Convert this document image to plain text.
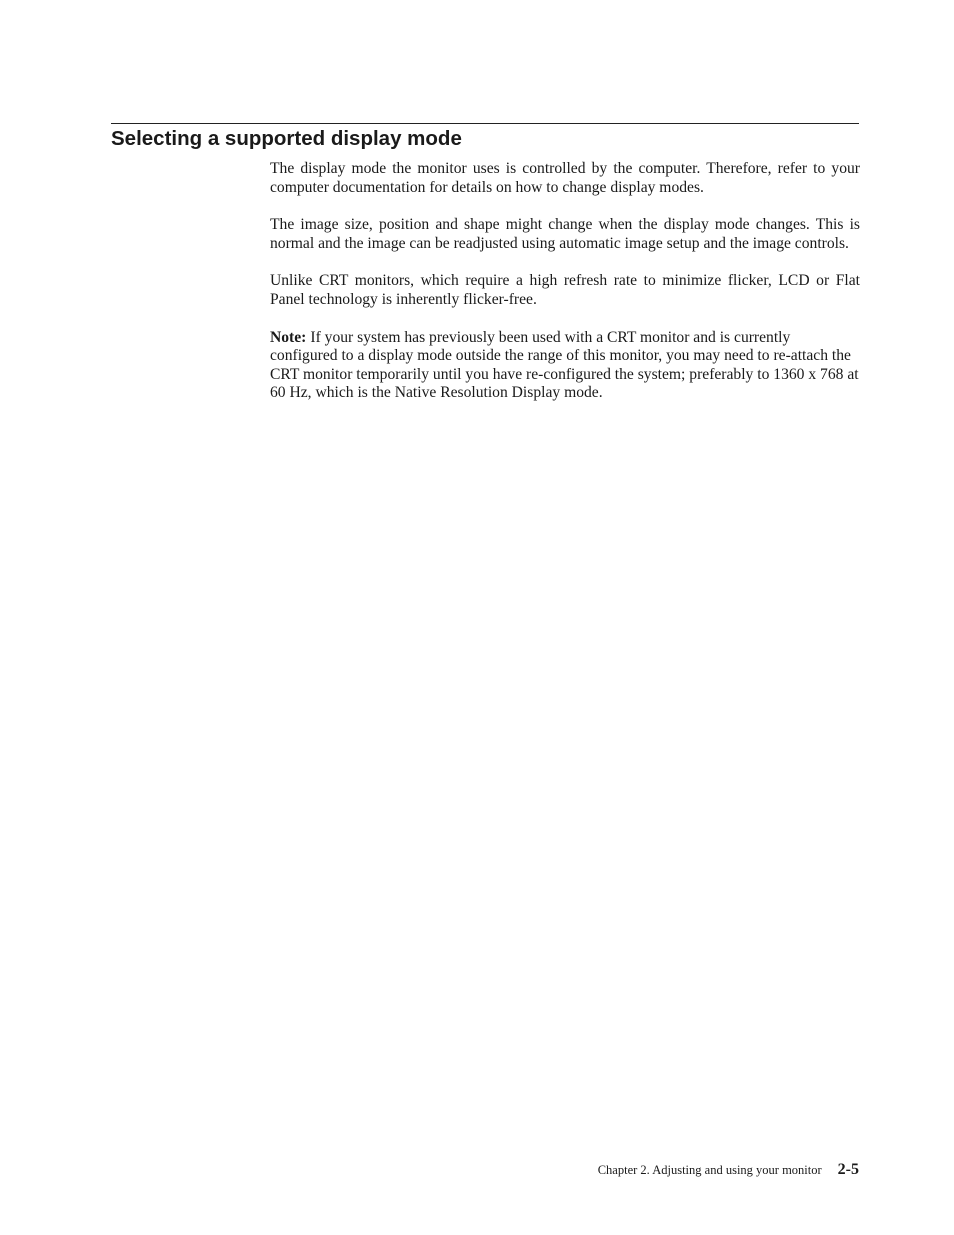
Selecting a supported display mode

The display mode the monitor uses is controlled by the computer. Therefore, refer to your computer documentation for details on how to change display modes.

The image size, position and shape might change when the display mode changes. This is normal and the image can be readjusted using automatic image setup and the image controls.

Unlike CRT monitors, which require a high refresh rate to minimize flicker, LCD or Flat Panel technology is inherently flicker-free.

Note: If your system has previously been used with a CRT monitor and is currently configured to a display mode outside the range of this monitor, you may need to re-attach the CRT monitor temporarily until you have re-configured the system; preferably to 1360 x 768 at 60 Hz, which is the Native Resolution Display mode.

Chapter 2. Adjusting and using your monitor 2-5
